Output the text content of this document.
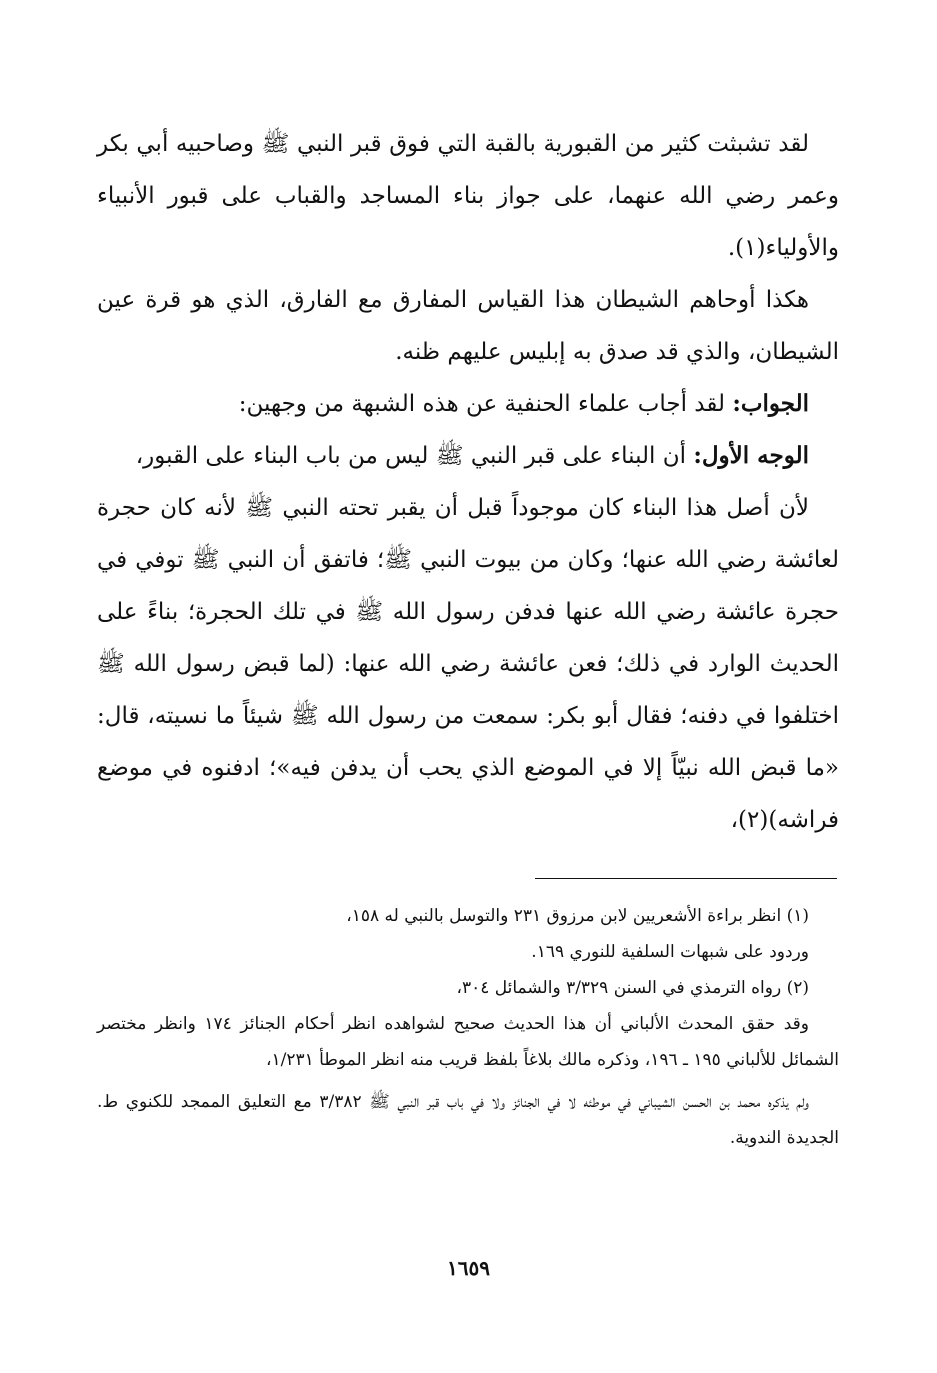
لقد تشبثت كثير من القبورية بالقبة التي فوق قبر النبي ﷺ وصاحبيه أبي بكر وعمر رضي الله عنهما، على جواز بناء المساجد والقباب على قبور الأنبياء والأولياء(١).

هكذا أوحاهم الشيطان هذا القياس المفارق مع الفارق، الذي هو قرة عين الشيطان، والذي قد صدق به إبليس عليهم ظنه.

الجواب: لقد أجاب علماء الحنفية عن هذه الشبهة من وجهين:

الوجه الأول: أن البناء على قبر النبي ﷺ ليس من باب البناء على القبور،

لأن أصل هذا البناء كان موجوداً قبل أن يقبر تحته النبي ﷺ لأنه كان حجرة لعائشة رضي الله عنها؛ وكان من بيوت النبي ﷺ؛ فاتفق أن النبي ﷺ توفي في حجرة عائشة رضي الله عنها فدفن رسول الله ﷺ في تلك الحجرة؛ بناءً على الحديث الوارد في ذلك؛ فعن عائشة رضي الله عنها: (لما قبض رسول الله ﷺ اختلفوا في دفنه؛ فقال أبو بكر: سمعت من رسول الله ﷺ شيئاً ما نسيته، قال: «ما قبض الله نبيّاً إلا في الموضع الذي يحب أن يدفن فيه»؛ ادفنوه في موضع فراشه)(٢)،

(١) انظر براءة الأشعريين لابن مرزوق ٢٣١ والتوسل بالنبي له ١٥٨،

وردود على شبهات السلفية للنوري ١٦٩.

(٢) رواه الترمذي في السنن ٣/٣٢٩ والشمائل ٣٠٤،

وقد حقق المحدث الألباني أن هذا الحديث صحيح لشواهده انظر أحكام الجنائز ١٧٤ وانظر مختصر الشمائل للألباني ١٩٥ ـ ١٩٦، وذكره مالك بلاغاً بلفظ قريب منه انظر الموطأ ١/٢٣١،

ولم يذكره محمد بن الحسن الشيباني في موطئه لا في الجنائز ولا في باب قبر النبي ﷺ ٣/٣٨٢ مع التعليق الممجد للكنوي ط. الجديدة الندوية.

١٦٥٩
